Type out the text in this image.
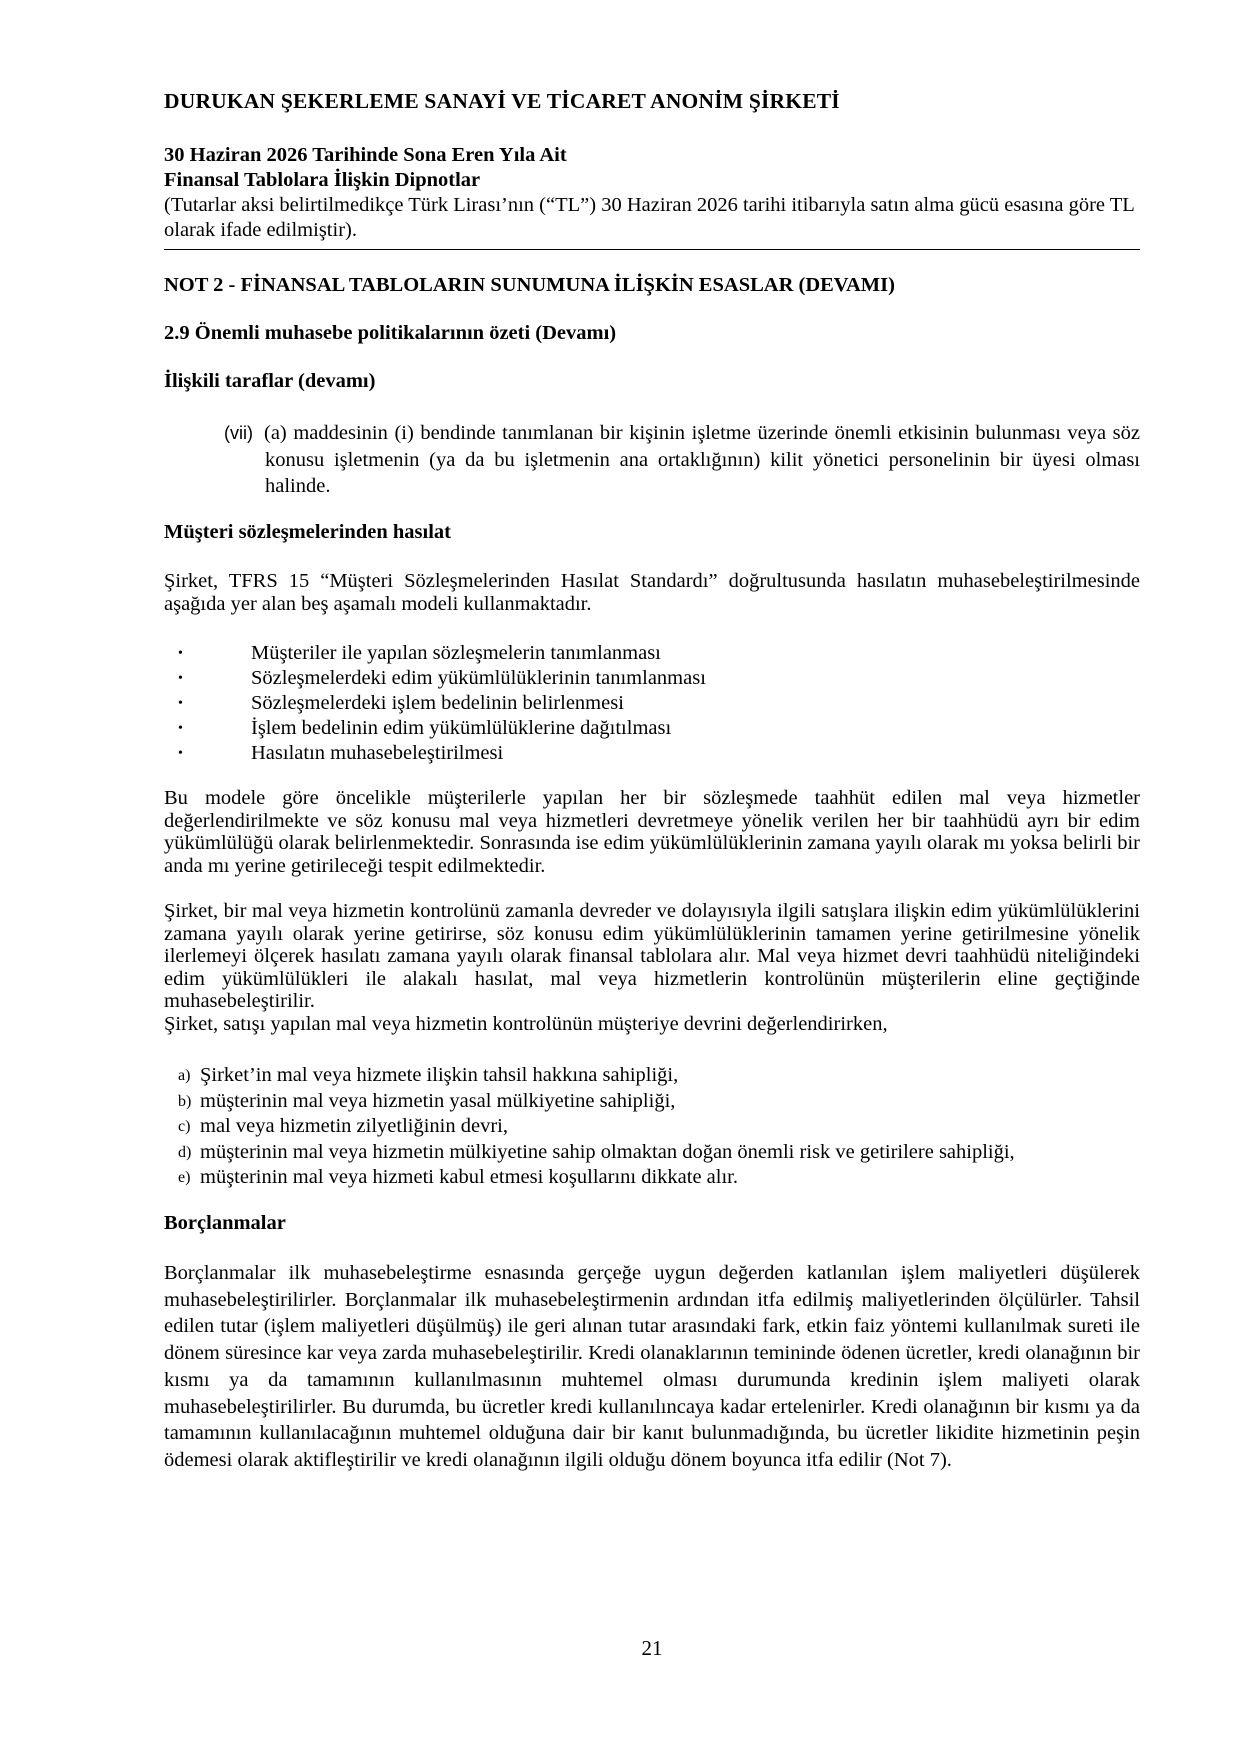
DURUKAN ŞEKERLEME SANAYİ VE TİCARET ANONİM ŞİRKETİ
30 Haziran 2026 Tarihinde Sona Eren Yıla Ait
Finansal Tablolara İlişkin Dipnotlar
(Tutarlar aksi belirtilmedikçe Türk Lirası’nın (“TL”) 30 Haziran 2026 tarihi itibarıyla satın alma gücü esasına göre TL olarak ifade edilmiştir).
NOT 2 - FİNANSAL TABLOLARIN SUNUMUNA İLİŞKİN ESASLAR (DEVAMI)
2.9 Önemli muhasebe politikalarının özeti (Devamı)
İlişkili taraflar (devamı)
(vii) (a) maddesinin (i) bendinde tanımlanan bir kişinin işletme üzerinde önemli etkisinin bulunması veya söz konusu işletmenin (ya da bu işletmenin ana ortaklığının) kilit yönetici personelinin bir üyesi olması halinde.
Müşteri sözleşmelerinden hasılat
Şirket, TFRS 15 “Müşteri Sözleşmelerinden Hasılat Standardı” doğrultusunda hasılatın muhasebeleştirilmesinde aşağıda yer alan beş aşamalı modeli kullanmaktadır.
•	Müşteriler ile yapılan sözleşmelerin tanımlanması
•	Sözleşmelerdeki edim yükümlülüklerinin tanımlanması
•	Sözleşmelerdeki işlem bedelinin belirlenmesi
•	İşlem bedelinin edim yükümlülüklerine dağıtılması
•	Hasılatın muhasebeleştirilmesi
Bu modele göre öncelikle müşterilerle yapılan her bir sözleşmede taahhüt edilen mal veya hizmetler değerlendirilmekte ve söz konusu mal veya hizmetleri devretmeye yönelik verilen her bir taahhüdü ayrı bir edim yükümlülüğü olarak belirlenmektedir. Sonrasında ise edim yükümlülüklerinin zamana yayılı olarak mı yoksa belirli bir anda mı yerine getirileceği tespit edilmektedir.
Şirket, bir mal veya hizmetin kontrolünü zamanla devreder ve dolayısıyla ilgili satışlara ilişkin edim yükümlülüklerini zamana yayılı olarak yerine getirirse, söz konusu edim yükümlülüklerinin tamamen yerine getirilmesine yönelik ilerlemeyi ölçerek hasılatı zamana yayılı olarak finansal tablolara alır. Mal veya hizmet devri taahhüdü niteliğindeki edim yükümlülükleri ile alakalı hasılat, mal veya hizmetlerin kontrolünün müşterilerin eline geçtiğinde muhasebeleştirilir.
Şirket, satışı yapılan mal veya hizmetin kontrolünün müşteriye devrini değerlendirirken,
a) Şirket’in mal veya hizmete ilişkin tahsil hakkına sahipliği,
b) müşterinin mal veya hizmetin yasal mülkiyetine sahipliği,
c) mal veya hizmetin zilyetliğinin devri,
d) müşterinin mal veya hizmetin mülkiyetine sahip olmaktan doğan önemli risk ve getirilere sahipliği,
e) müşterinin mal veya hizmeti kabul etmesi koşullarını dikkate alır.
Borçlanmalar
Borçlanmalar ilk muhasebeleştirme esnasında gerçeğe uygun değerden katlanılan işlem maliyetleri düşülerek muhasebeleştirilirler. Borçlanmalar ilk muhasebeleştirmenin ardından itfa edilmiş maliyetlerinden ölçülürler. Tahsil edilen tutar (işlem maliyetleri düşülmüş) ile geri alınan tutar arasındaki fark, etkin faiz yöntemi kullanılmak sureti ile dönem süresince kar veya zarda muhasebeleştirilir. Kredi olanaklarının temininde ödenen ücretler, kredi olanağının bir kısmı ya da tamamının kullanılmasının muhtemel olması durumunda kredinin işlem maliyeti olarak muhasebeleştirilirler. Bu durumda, bu ücretler kredi kullanılıncaya kadar ertelenirler. Kredi olanağının bir kısmı ya da tamamının kullanılacağının muhtemel olduğuna dair bir kanıt bulunmadığında, bu ücretler likidite hizmetinin peşin ödemesi olarak aktifleştirilir ve kredi olanağının ilgili olduğu dönem boyunca itfa edilir (Not 7).
21
